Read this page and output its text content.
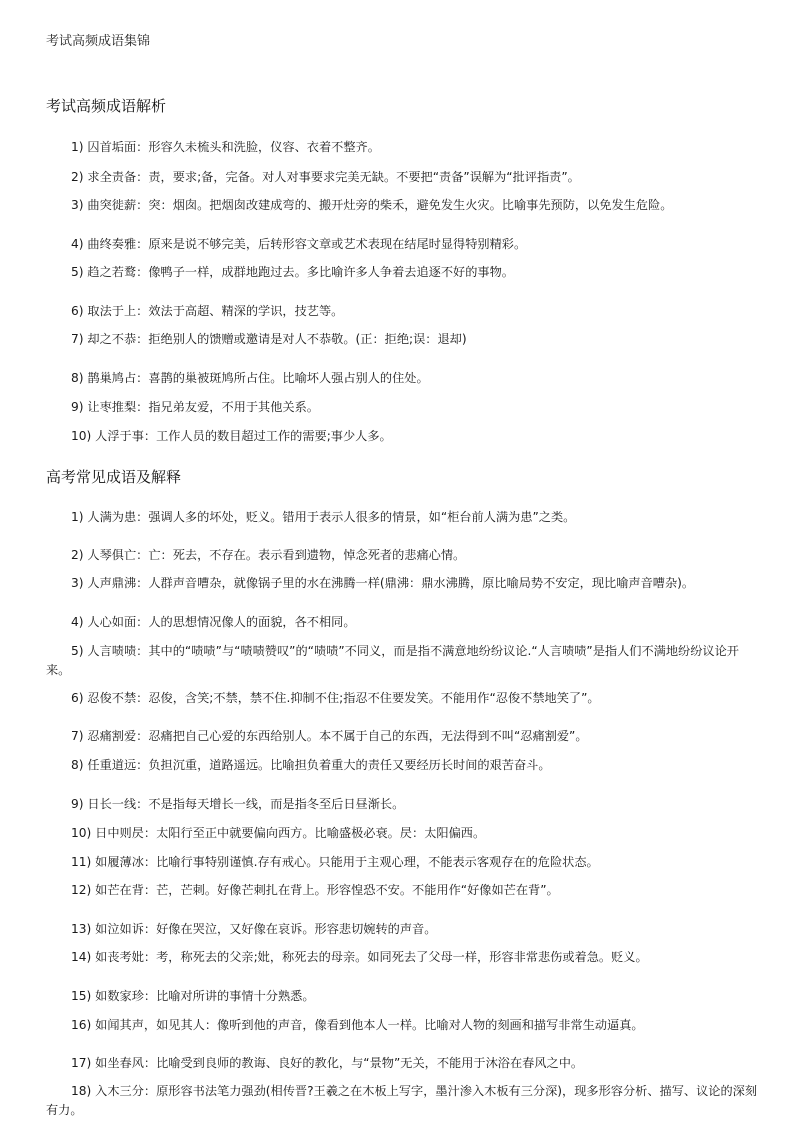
考试高频成语集锦
考试高频成语解析
1) 囚首垢面：形容久未梳头和洗脸，仪容、衣着不整齐。
2) 求全责备：责，要求;备，完备。对人对事要求完美无缺。不要把“责备”误解为“批评指责”。
3) 曲突徙薪：突：烟囱。把烟囱改建成弯的、搬开灶旁的柴禾，避免发生火灾。比喻事先预防，以免发生危险。
4) 曲终奏雅：原来是说不够完美，后转形容文章或艺术表现在结尾时显得特别精彩。
5) 趋之若鹜：像鸭子一样，成群地跑过去。多比喻许多人争着去追逐不好的事物。
6) 取法于上：效法于高超、精深的学识，技艺等。
7) 却之不恭：拒绝别人的馈赠或邀请是对人不恭敬。(正：拒绝;误：退却)
8) 鹊巢鸠占：喜鹊的巢被斑鸠所占住。比喻坏人强占别人的住处。
9) 让枣推梨：指兄弟友爱，不用于其他关系。
10) 人浮于事：工作人员的数目超过工作的需要;事少人多。
高考常见成语及解释
1) 人满为患：强调人多的坏处，贬义。错用于表示人很多的情景，如“柜台前人满为患”之类。
2) 人琴俱亡：亡：死去，不存在。表示看到遗物，悼念死者的悲痛心情。
3) 人声鼎沸：人群声音嘈杂，就像锅子里的水在沸腾一样(鼎沸：鼎水沸腾，原比喻局势不安定，现比喻声音嘈杂)。
4) 人心如面：人的思想情况像人的面貌，各不相同。
5) 人言啧啧：其中的“啧啧”与“啧啧赞叹”的“啧啧”不同义，而是指不满意地纷纷议论.“人言啧啧”是指人们不满地纷纷议论开来。
6) 忍俊不禁：忍俊，含笑;不禁，禁不住.抑制不住;指忍不住要发笑。不能用作“忍俊不禁地笑了”。
7) 忍痛割爱：忍痛把自己心爱的东西给别人。本不属于自己的东西，无法得到不叫“忍痛割爱”。
8) 任重道远：负担沉重，道路遥远。比喻担负着重大的责任又要经历长时间的艰苦奋斗。
9) 日长一线：不是指每天增长一线，而是指冬至后日昼渐长。
10) 日中则昃：太阳行至正中就要偏向西方。比喻盛极必衰。昃：太阳偏西。
11) 如履薄冰：比喻行事特别谨慎.存有戒心。只能用于主观心理，不能表示客观存在的危险状态。
12) 如芒在背：芒，芒刺。好像芒刺扎在背上。形容惶恐不安。不能用作“好像如芒在背”。
13) 如泣如诉：好像在哭泣，又好像在哀诉。形容悲切婉转的声音。
14) 如丧考妣：考，称死去的父亲;妣，称死去的母亲。如同死去了父母一样，形容非常悲伤或着急。贬义。
15) 如数家珍：比喻对所讲的事情十分熟悉。
16) 如闻其声，如见其人：像听到他的声音，像看到他本人一样。比喻对人物的刻画和描写非常生动逼真。
17) 如坐春风：比喻受到良师的教诲、良好的教化，与“景物”无关，不能用于沐浴在春风之中。
18) 入木三分：原形容书法笔力强劲(相传晋?王羲之在木板上写字，墨汁渗入木板有三分深)，现多形容分析、描写、议论的深刻有力。
